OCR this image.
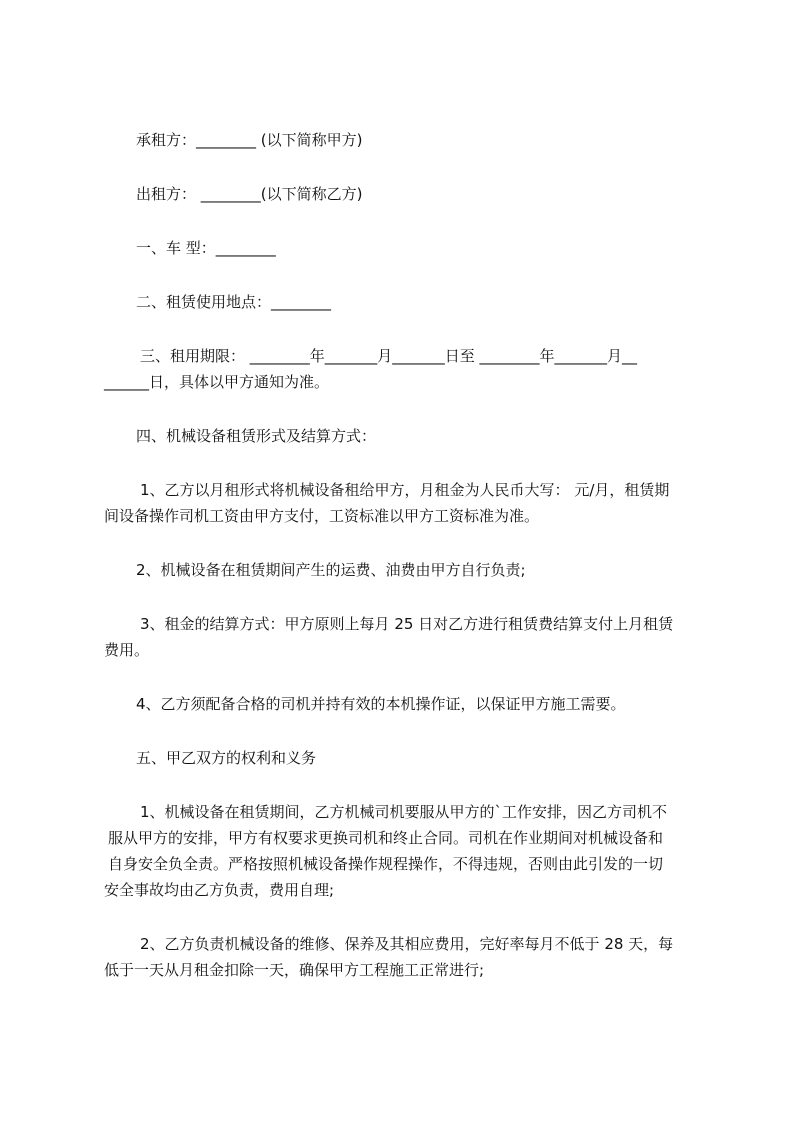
承租方：________ (以下简称甲方)
出租方： ________(以下简称乙方)
一、车 型：________
二、租赁使用地点：________
三、租用期限： ________年_______月_______日至 ________年_______月__
______日，具体以甲方通知为准。
四、机械设备租赁形式及结算方式：
1、乙方以月租形式将机械设备租给甲方，月租金为人民币大写： 元/月，租赁期
间设备操作司机工资由甲方支付，工资标准以甲方工资标准为准。
2、机械设备在租赁期间产生的运费、油费由甲方自行负责;
3、租金的结算方式：甲方原则上每月 25 日对乙方进行租赁费结算支付上月租赁
费用。
4、乙方须配备合格的司机并持有效的本机操作证，以保证甲方施工需要。
五、甲乙双方的权利和义务
1、机械设备在租赁期间，乙方机械司机要服从甲方的`工作安排，因乙方司机不
服从甲方的安排，甲方有权要求更换司机和终止合同。司机在作业期间对机械设备和
自身安全负全责。严格按照机械设备操作规程操作，不得违规，否则由此引发的一切
安全事故均由乙方负责，费用自理;
2、乙方负责机械设备的维修、保养及其相应费用，完好率每月不低于 28 天，每
低于一天从月租金扣除一天，确保甲方工程施工正常进行;
